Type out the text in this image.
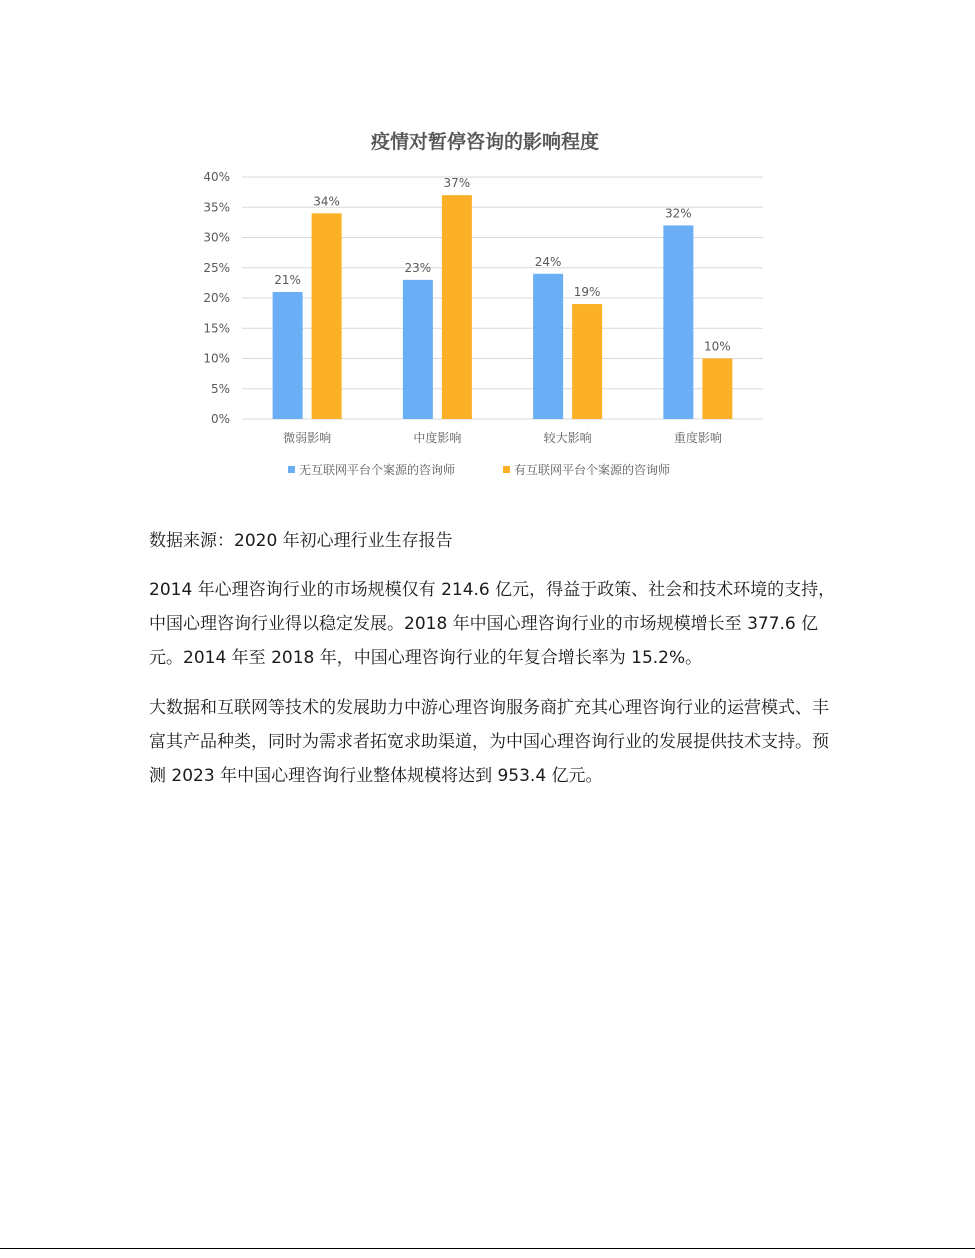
疫情对暂停咨询的影响程度
0%
5%
10%
15%
20%
25%
30%
35%
40%
21%
34%
微弱影响
23%
37%
中度影响
24%
19%
较大影响
32%
10%
重度影响
无互联网平台个案源的咨询师	有互联网平台个案源的咨询师

数据来源：2020 年初心理行业生存报告

2014 年心理咨询行业的市场规模仅有 214.6 亿元，得益于政策、社会和技术环境的支持，中国心理咨询行业得以稳定发展。2018 年中国心理咨询行业的市场规模增长至 377.6 亿元。2014 年至 2018 年，中国心理咨询行业的年复合增长率为 15.2%。

大数据和互联网等技术的发展助力中游心理咨询服务商扩充其心理咨询行业的运营模式、丰富其产品种类，同时为需求者拓宽求助渠道，为中国心理咨询行业的发展提供技术支持。预测 2023 年中国心理咨询行业整体规模将达到 953.4 亿元。
